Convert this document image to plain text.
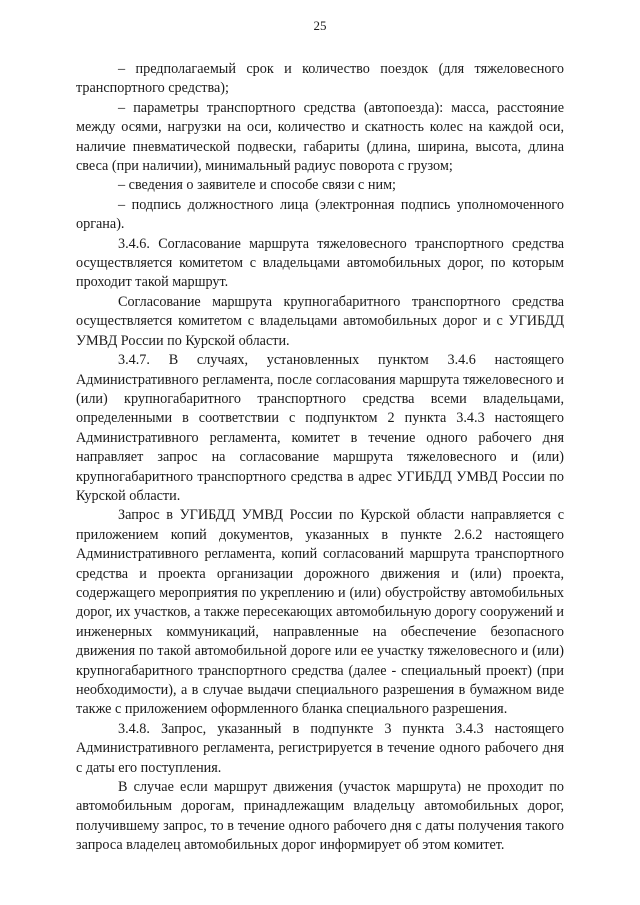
25

– предполагаемый срок и количество поездок (для тяжеловесного транспортного средства);

– параметры транспортного средства (автопоезда): масса, расстояние между осями, нагрузки на оси, количество и скатность колес на каждой оси, наличие пневматической подвески, габариты (длина, ширина, высота, длина свеса (при наличии), минимальный радиус поворота с грузом;

– сведения о заявителе и способе связи с ним;

– подпись должностного лица (электронная подпись уполномоченного органа).

3.4.6. Согласование маршрута тяжеловесного транспортного средства осуществляется комитетом с владельцами автомобильных дорог, по которым проходит такой маршрут.

Согласование маршрута крупногабаритного транспортного средства осуществляется комитетом с владельцами автомобильных дорог и с УГИБДД УМВД России по Курской области.

3.4.7. В случаях, установленных пунктом 3.4.6 настоящего Административного регламента, после согласования маршрута тяжеловесного и (или) крупногабаритного транспортного средства всеми владельцами, определенными в соответствии с подпунктом 2 пункта 3.4.3 настоящего Административного регламента, комитет в течение одного рабочего дня направляет запрос на согласование маршрута тяжеловесного и (или) крупногабаритного транспортного средства в адрес УГИБДД УМВД России по Курской области.

Запрос в УГИБДД УМВД России по Курской области направляется с приложением копий документов, указанных в пункте 2.6.2 настоящего Административного регламента, копий согласований маршрута транспортного средства и проекта организации дорожного движения и (или) проекта, содержащего мероприятия по укреплению и (или) обустройству автомобильных дорог, их участков, а также пересекающих автомобильную дорогу сооружений и инженерных коммуникаций, направленные на обеспечение безопасного движения по такой автомобильной дороге или ее участку тяжеловесного и (или) крупногабаритного транспортного средства (далее - специальный проект) (при необходимости), а в случае выдачи специального разрешения в бумажном виде также с приложением оформленного бланка специального разрешения.

3.4.8. Запрос, указанный в подпункте 3 пункта 3.4.3 настоящего Административного регламента, регистрируется в течение одного рабочего дня с даты его поступления.

В случае если маршрут движения (участок маршрута) не проходит по автомобильным дорогам, принадлежащим владельцу автомобильных дорог, получившему запрос, то в течение одного рабочего дня с даты получения такого запроса владелец автомобильных дорог информирует об этом комитет.
